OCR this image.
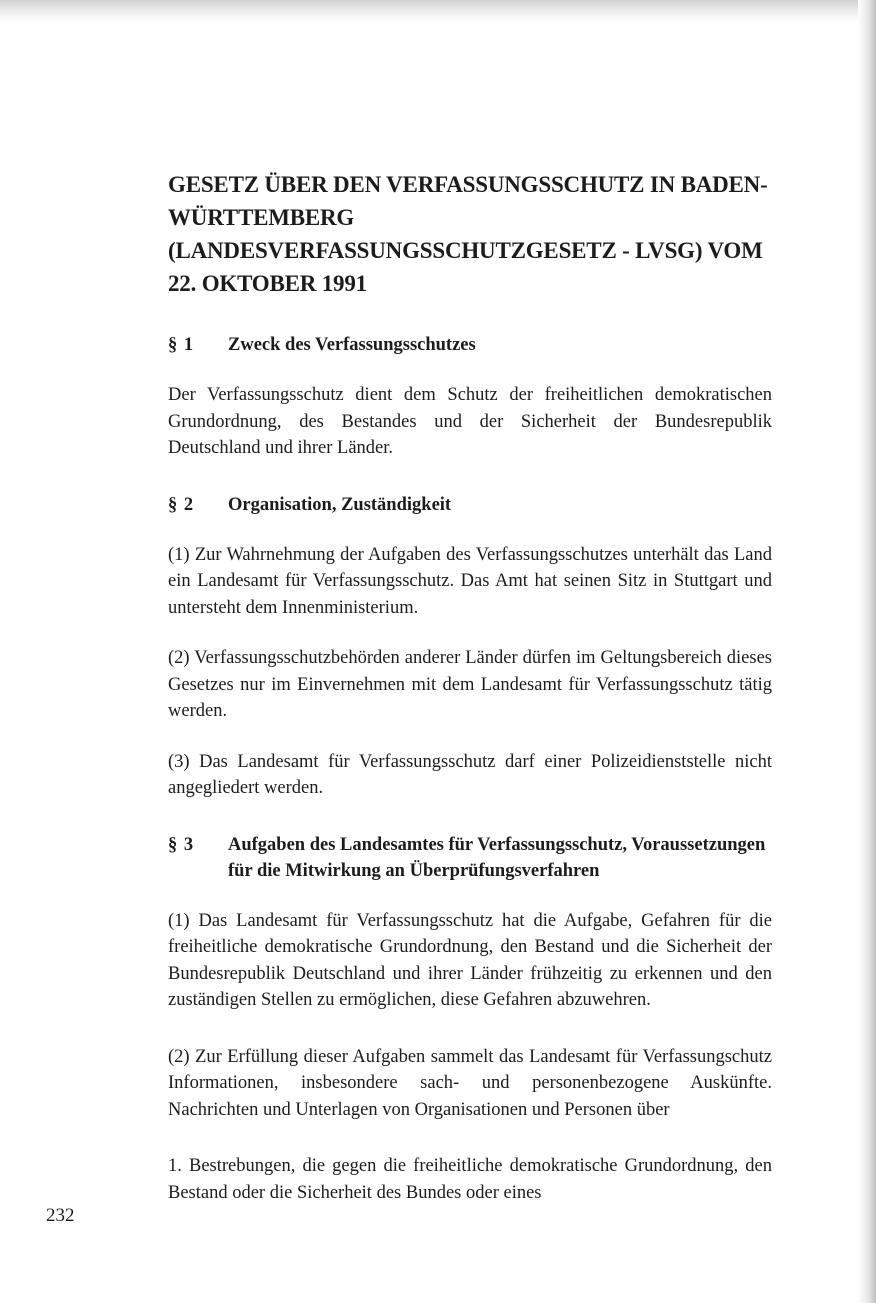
GESETZ ÜBER DEN VERFASSUNGSSCHUTZ IN BADEN-WÜRTTEMBERG (LANDESVERFASSUNGSSCHUTZGESETZ - LVSG) VOM 22. OKTOBER 1991
§ 1	Zweck des Verfassungsschutzes

Der Verfassungsschutz dient dem Schutz der freiheitlichen demokratischen Grundordnung, des Bestandes und der Sicherheit der Bundesrepublik Deutschland und ihrer Länder.

§ 2	Organisation, Zuständigkeit

(1) Zur Wahrnehmung der Aufgaben des Verfassungsschutzes unterhält das Land ein Landesamt für Verfassungsschutz. Das Amt hat seinen Sitz in Stuttgart und untersteht dem Innenministerium.

(2) Verfassungsschutzbehörden anderer Länder dürfen im Geltungsbereich dieses Gesetzes nur im Einvernehmen mit dem Landesamt für Verfassungsschutz tätig werden.

(3) Das Landesamt für Verfassungsschutz darf einer Polizeidienststelle nicht angegliedert werden.

§ 3	Aufgaben des Landesamtes für Verfassungsschutz, Voraussetzungen für die Mitwirkung an Überprüfungsverfahren

(1) Das Landesamt für Verfassungsschutz hat die Aufgabe, Gefahren für die freiheitliche demokratische Grundordnung, den Bestand und die Sicherheit der Bundesrepublik Deutschland und ihrer Länder frühzeitig zu erkennen und den zuständigen Stellen zu ermöglichen, diese Gefahren abzuwehren.

(2) Zur Erfüllung dieser Aufgaben sammelt das Landesamt für Verfassungschutz Informationen, insbesondere sach- und personenbezogene Auskünfte. Nachrichten und Unterlagen von Organisationen und Personen über

1. Bestrebungen, die gegen die freiheitliche demokratische Grundordnung, den Bestand oder die Sicherheit des Bundes oder eines

232
